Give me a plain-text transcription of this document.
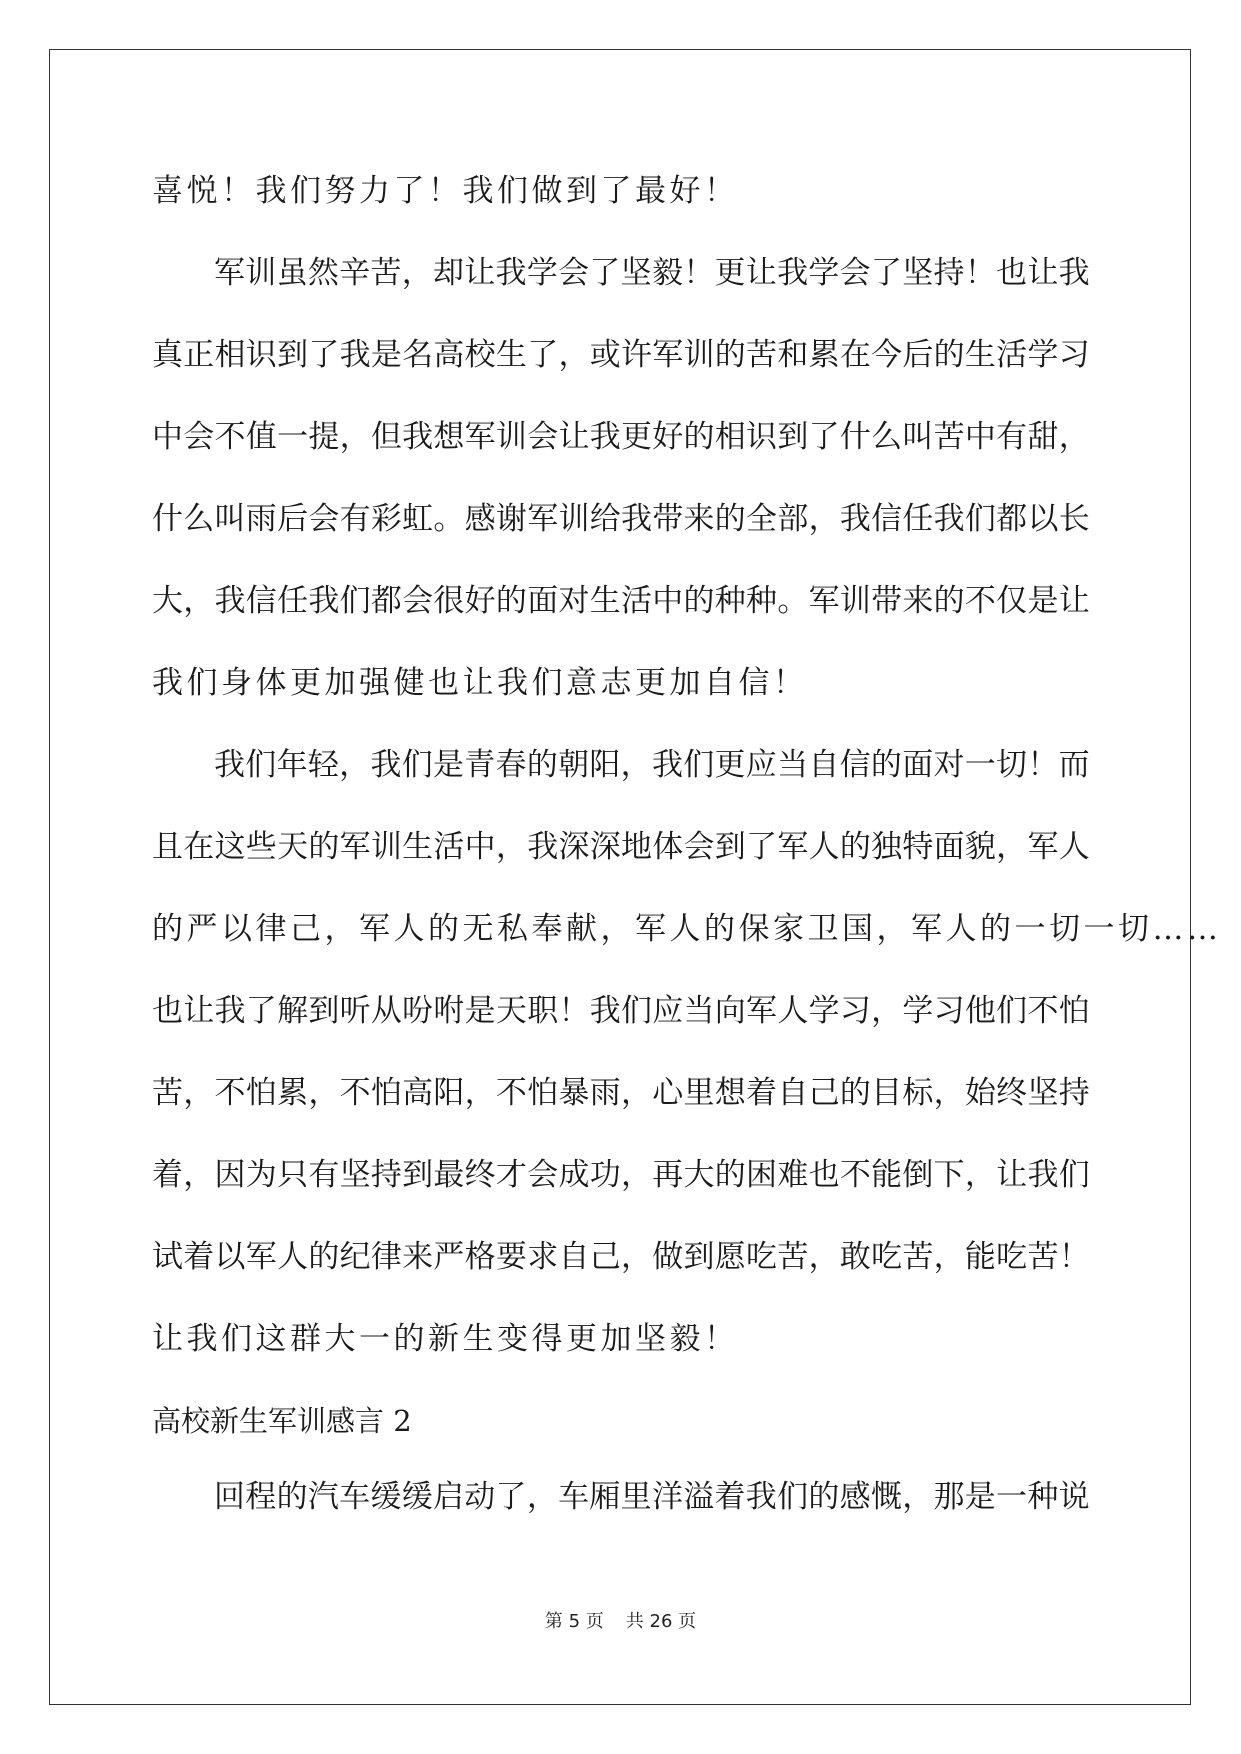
喜悦！我们努力了！我们做到了最好！
军 训 虽 然 辛 苦 ， 却 让 我 学 会 了 坚 毅 ！ 更 让 我 学 会 了 坚 持 ！ 也 让 我
真 正 相 识 到 了 我 是 名 高 校 生 了 ， 或 许 军 训 的 苦 和 累 在 今 后 的 生 活 学 习
中 会 不 值 一 提 ， 但 我 想 军 训 会 让 我 更 好 的 相 识 到 了 什 么 叫 苦 中 有 甜 ，
什 么 叫 雨 后 会 有 彩 虹 。 感 谢 军 训 给 我 带 来 的 全 部 ， 我 信 任 我 们 都 以 长
大 ， 我 信 任 我 们 都 会 很 好 的 面 对 生 活 中 的 种 种 。 军 训 带 来 的 不 仅 是 让
我们身体更加强健也让我们意志更加自信！
我 们 年 轻 ， 我 们 是 青 春 的 朝 阳 ， 我 们 更 应 当 自 信 的 面 对 一 切 ！ 而
且 在 这 些 天 的 军 训 生 活 中 ， 我 深 深 地 体 会 到 了 军 人 的 独 特 面 貌 ， 军 人
的严以律己，军人的无私奉献，军人的保家卫国，军人的一切一切……
也 让 我 了 解 到 听 从 吩 咐 是 天 职 ！ 我 们 应 当 向 军 人 学 习 ， 学 习 他 们 不 怕
苦 ， 不 怕 累 ， 不 怕 高 阳 ， 不 怕 暴 雨 ， 心 里 想 着 自 己 的 目 标 ， 始 终 坚 持
着 ， 因 为 只 有 坚 持 到 最 终 才 会 成 功 ， 再 大 的 困 难 也 不 能 倒 下 ， 让 我 们
试 着 以 军 人 的 纪 律 来 严 格 要 求 自 己 ， 做 到 愿 吃 苦 ， 敢 吃 苦 ， 能 吃 苦 ！
让我们这群大一的新生变得更加坚毅！
高校新生军训感言 2
回 程 的 汽 车 缓 缓 启 动 了 ， 车 厢 里 洋 溢 着 我 们 的 感 慨 ， 那 是 一 种 说
第 5 页 共 26 页
